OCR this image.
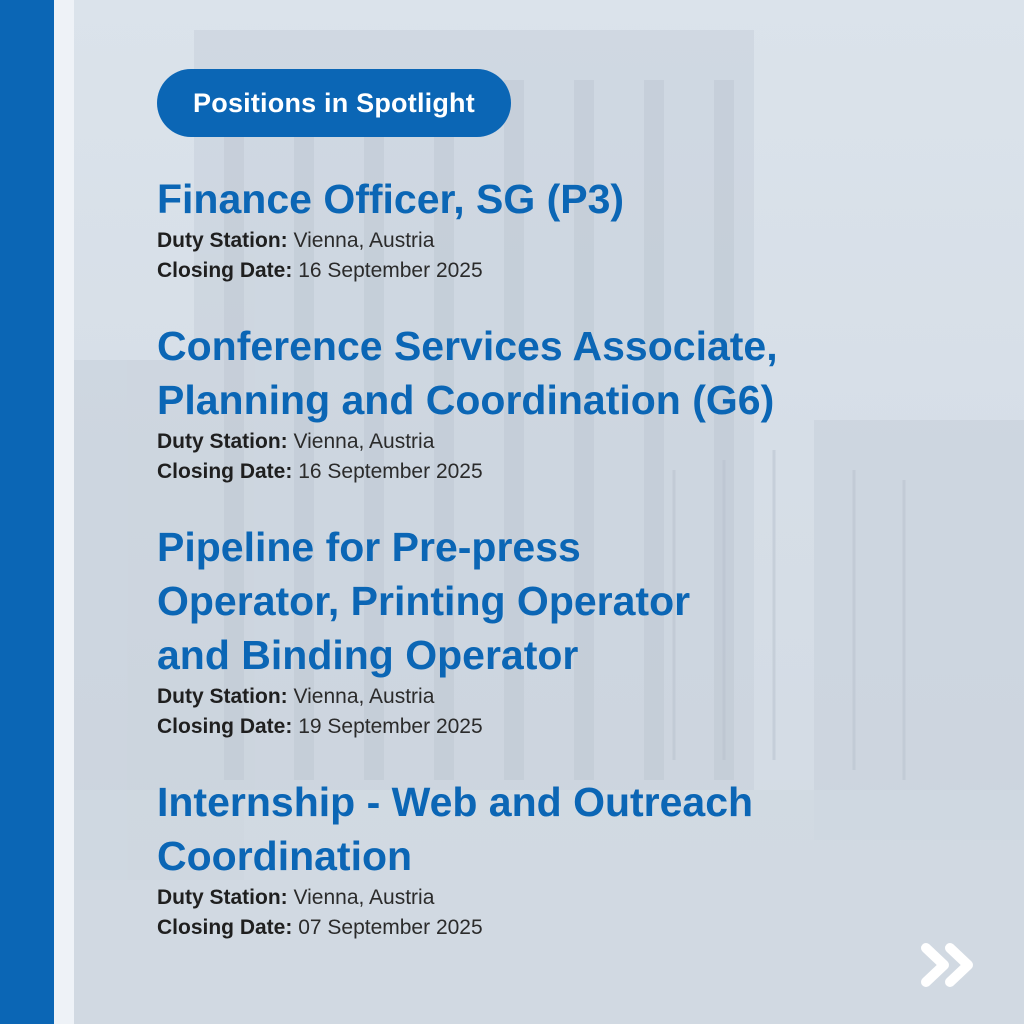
Positions in Spotlight
Finance Officer, SG (P3)
Duty Station: Vienna, Austria
Closing Date: 16 September 2025
Conference Services Associate,
Planning and Coordination (G6)
Duty Station: Vienna, Austria
Closing Date: 16 September 2025
Pipeline for Pre-press
Operator, Printing Operator
and Binding Operator
Duty Station: Vienna, Austria
Closing Date: 19 September 2025
Internship - Web and Outreach
Coordination
Duty Station: Vienna, Austria
Closing Date: 07 September 2025
